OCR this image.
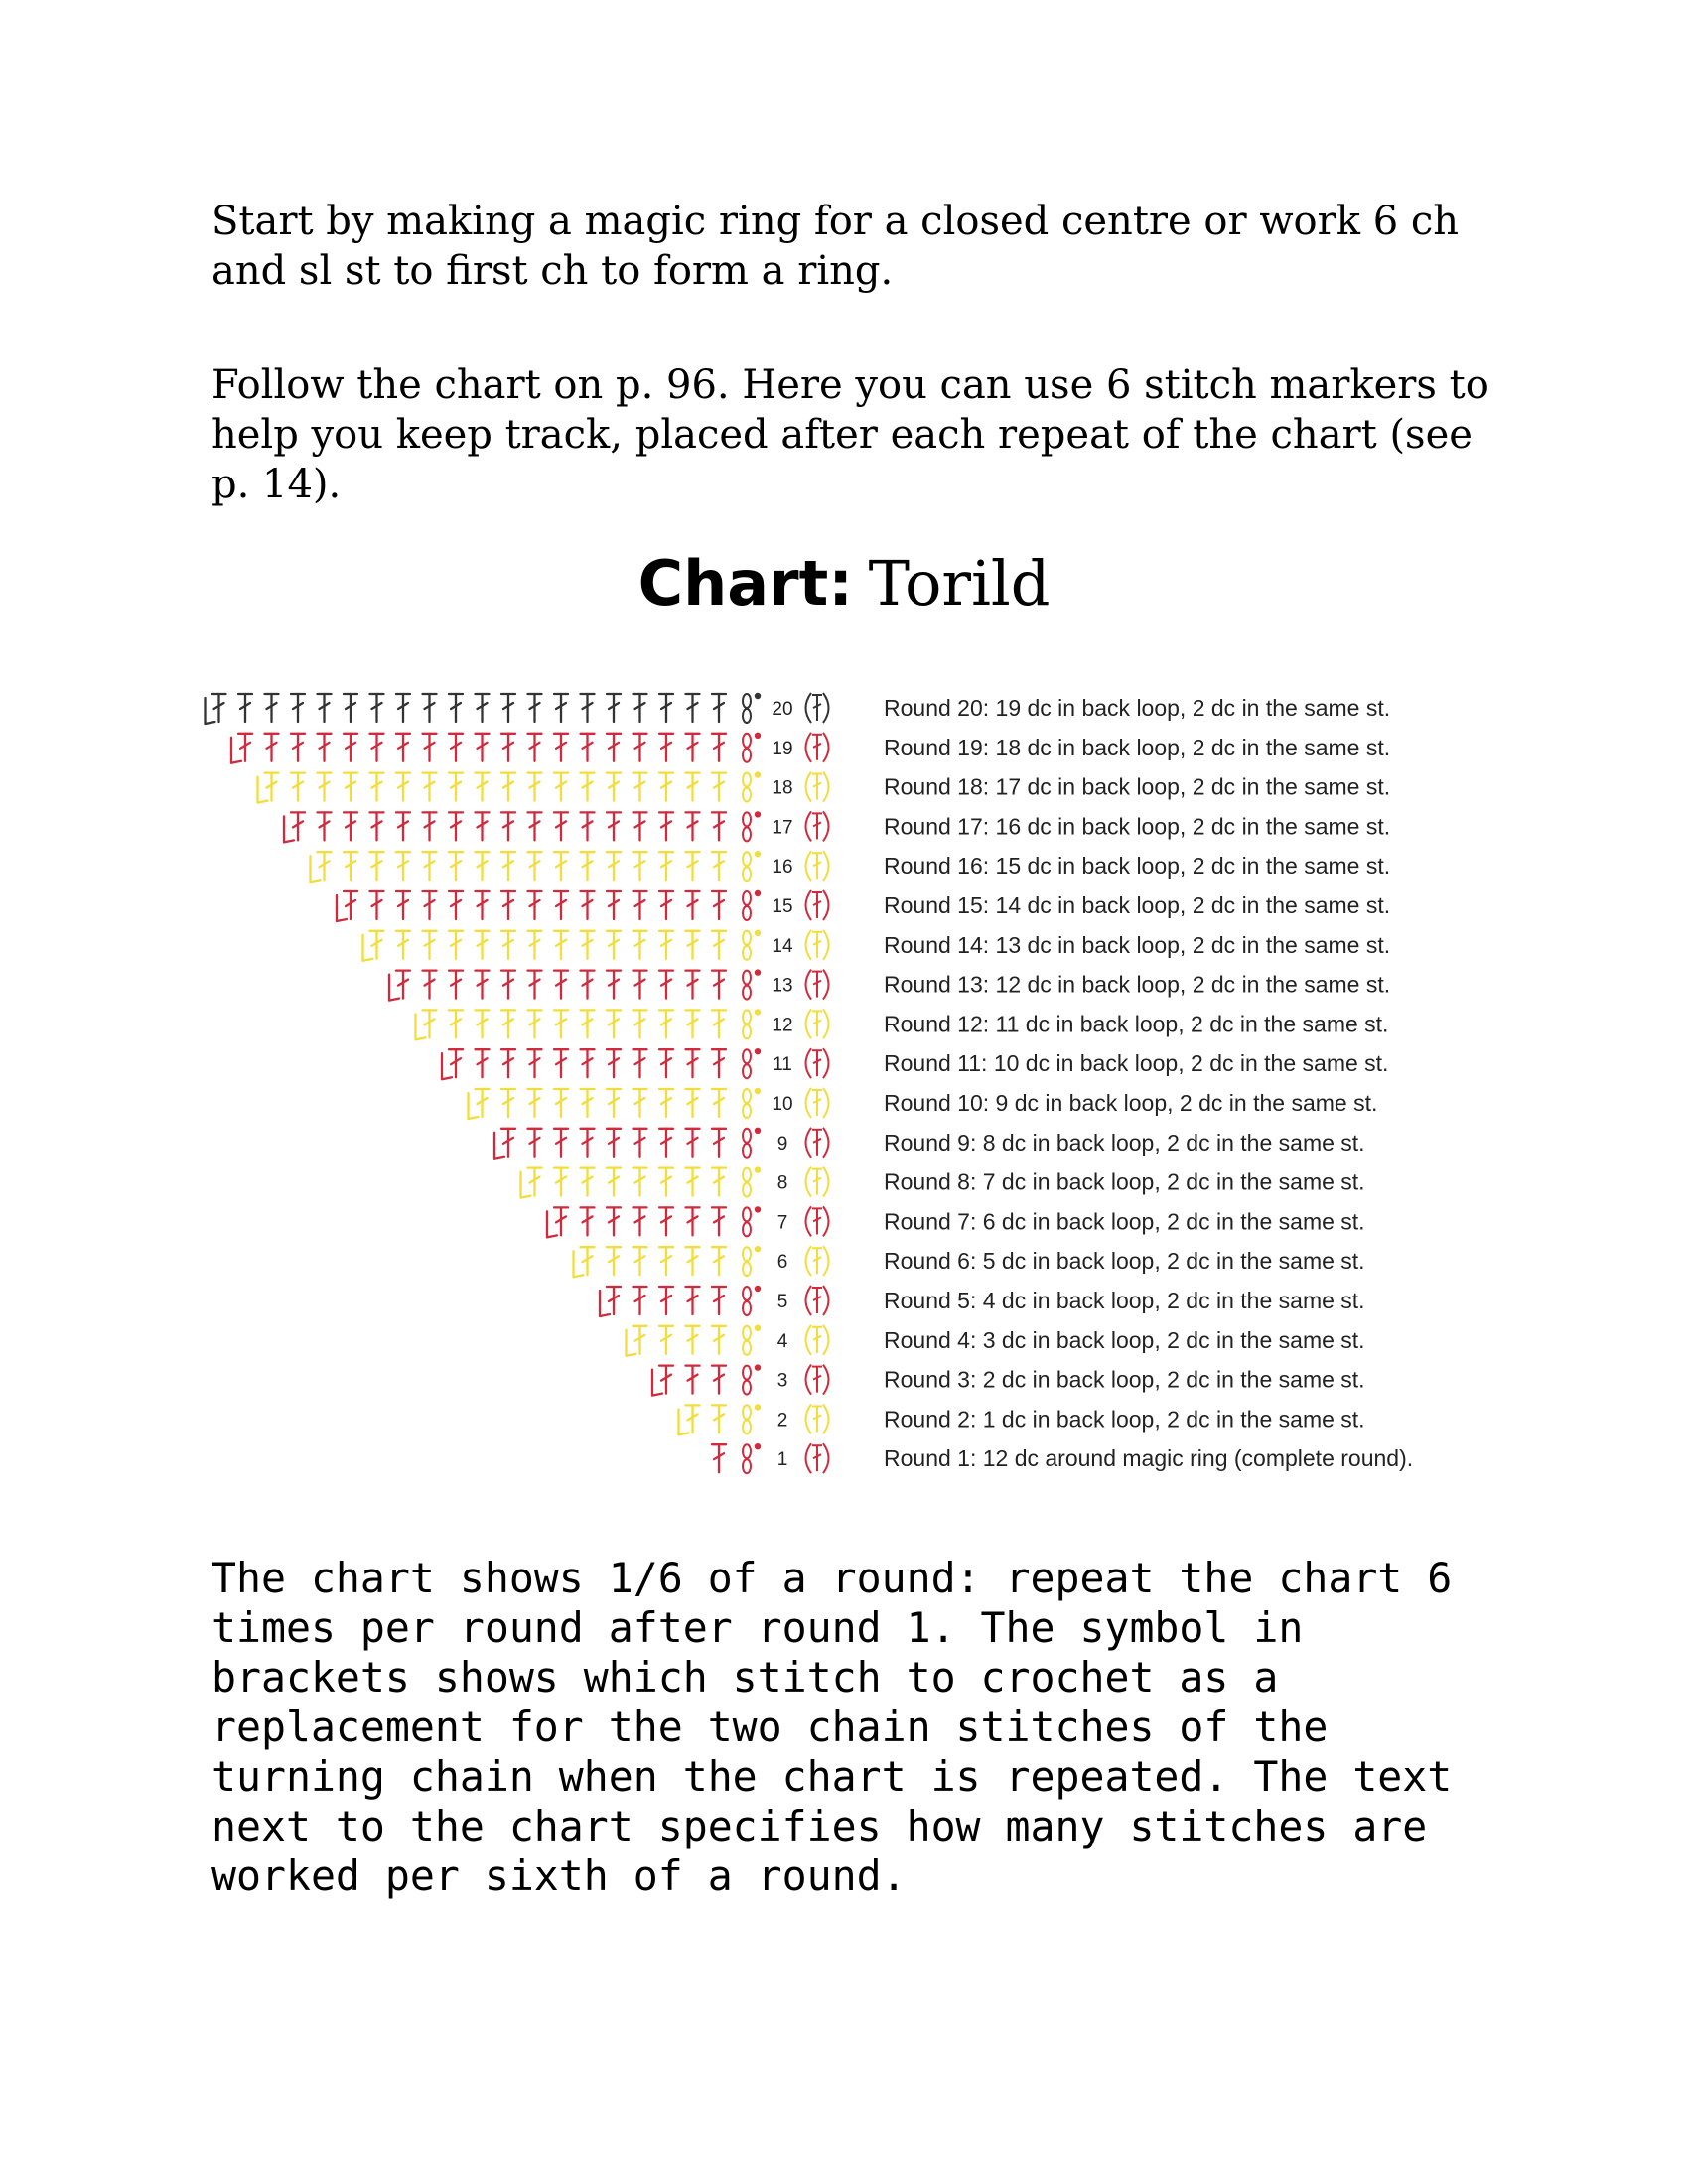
Start by making a magic ring for a closed centre or work 6 ch and sl st to first ch to form a ring.

Follow the chart on p. 96. Here you can use 6 stitch markers to help you keep track, placed after each repeat of the chart (see p. 14).

Chart: Torild
20	Round 20: 19 dc in back loop, 2 dc in the same st.
19	Round 19: 18 dc in back loop, 2 dc in the same st.
18	Round 18: 17 dc in back loop, 2 dc in the same st.
17	Round 17: 16 dc in back loop, 2 dc in the same st.
16	Round 16: 15 dc in back loop, 2 dc in the same st.
15	Round 15: 14 dc in back loop, 2 dc in the same st.
14	Round 14: 13 dc in back loop, 2 dc in the same st.
13	Round 13: 12 dc in back loop, 2 dc in the same st.
12	Round 12: 11 dc in back loop, 2 dc in the same st.
11	Round 11: 10 dc in back loop, 2 dc in the same st.
10	Round 10: 9 dc in back loop, 2 dc in the same st.
9	Round 9: 8 dc in back loop, 2 dc in the same st.
8	Round 8: 7 dc in back loop, 2 dc in the same st.
7	Round 7: 6 dc in back loop, 2 dc in the same st.
6	Round 6: 5 dc in back loop, 2 dc in the same st.
5	Round 5: 4 dc in back loop, 2 dc in the same st.
4	Round 4: 3 dc in back loop, 2 dc in the same st.
3	Round 3: 2 dc in back loop, 2 dc in the same st.
2	Round 2: 1 dc in back loop, 2 dc in the same st.
1	Round 1: 12 dc around magic ring (complete round).

The chart shows 1/6 of a round: repeat the chart 6 times per round after round 1. The symbol in brackets shows which stitch to crochet as a replacement for the two chain stitches of the turning chain when the chart is repeated. The text next to the chart specifies how many stitches are worked per sixth of a round.
